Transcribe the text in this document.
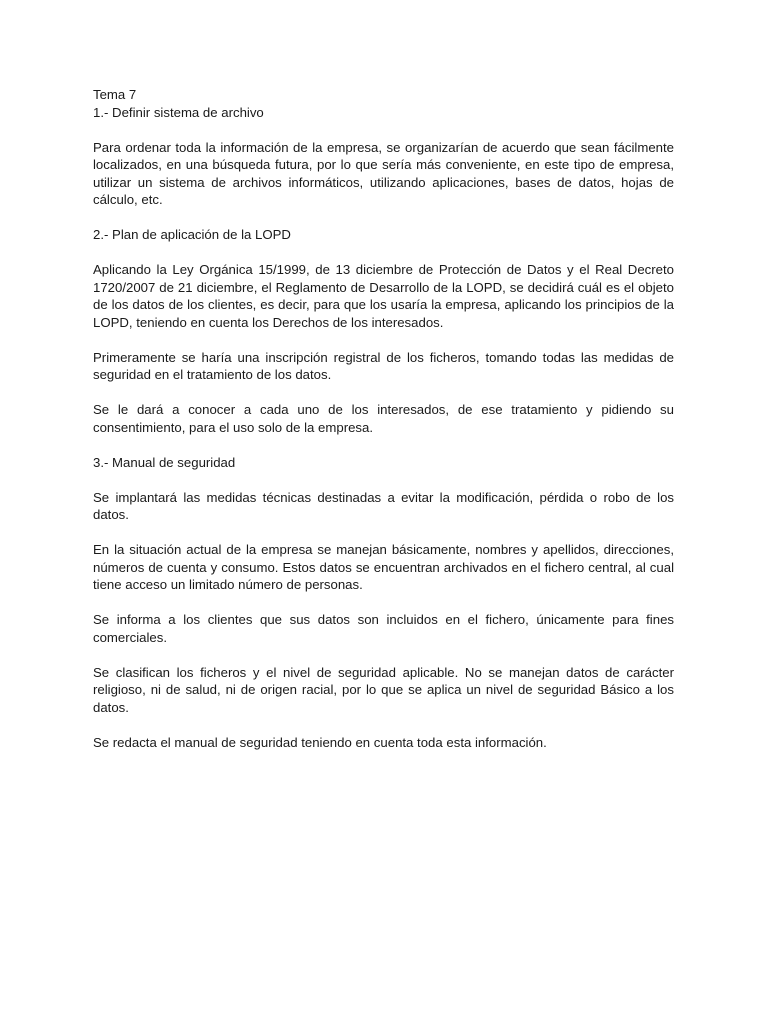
Tema 7

1.- Definir sistema de archivo

Para ordenar toda la información de la empresa, se organizarían de acuerdo que sean fácilmente localizados, en una búsqueda futura, por lo que sería más conveniente, en este tipo de empresa, utilizar un sistema de archivos informáticos, utilizando aplicaciones, bases de datos, hojas de cálculo, etc.

2.- Plan de aplicación de la LOPD

Aplicando la Ley Orgánica 15/1999, de 13 diciembre de Protección de Datos y el Real Decreto 1720/2007 de 21 diciembre, el Reglamento de Desarrollo de la LOPD, se decidirá cuál es el objeto de los datos de los clientes, es decir, para que los usaría la empresa, aplicando los principios de la LOPD, teniendo en cuenta los Derechos de los interesados.

Primeramente se haría una inscripción registral de los ficheros, tomando todas las medidas de seguridad en el tratamiento de los datos.

Se le dará a conocer a cada uno de los interesados, de ese tratamiento y pidiendo su consentimiento, para el uso solo de la empresa.

3.- Manual de seguridad

Se implantará las medidas técnicas destinadas a evitar la modificación, pérdida o robo de los datos.

En la situación actual de la empresa se manejan básicamente, nombres y apellidos, direcciones, números de cuenta y consumo. Estos datos se encuentran archivados en el fichero central, al cual tiene acceso un limitado número de personas.

Se informa a los clientes que sus datos son incluidos en el fichero, únicamente para fines comerciales.

Se clasifican los ficheros y el nivel de seguridad aplicable. No se manejan datos de carácter religioso, ni de salud, ni de origen racial, por lo que se aplica un nivel de seguridad Básico a los datos.

Se redacta el manual de seguridad teniendo en cuenta toda esta información.
